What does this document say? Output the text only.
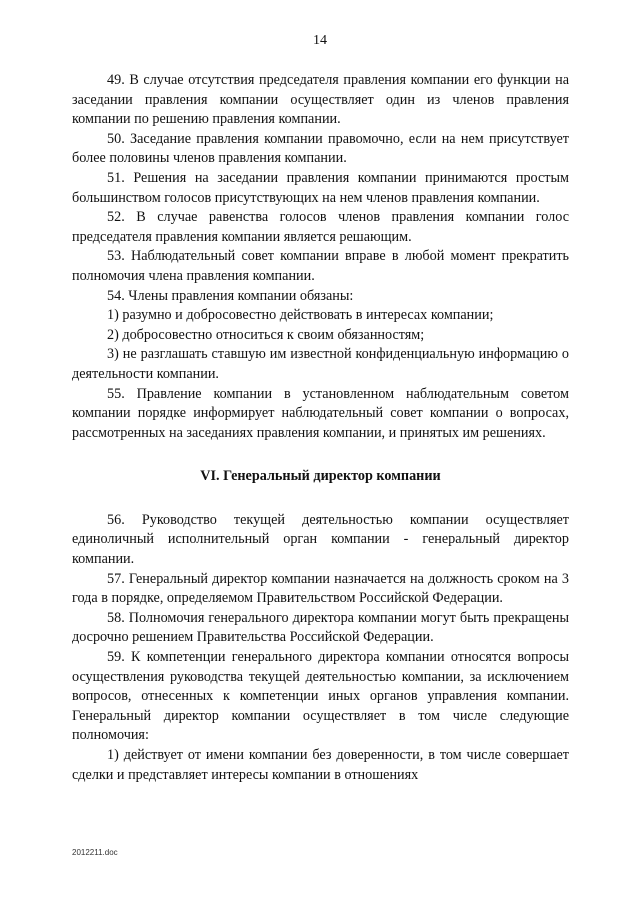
14

49. В случае отсутствия председателя правления компании его функции на заседании правления компании осуществляет один из членов правления компании по решению правления компании.

50. Заседание правления компании правомочно, если на нем присутствует более половины членов правления компании.

51. Решения на заседании правления компании принимаются простым большинством голосов присутствующих на нем членов правления компании.

52. В случае равенства голосов членов правления компании голос председателя правления компании является решающим.

53. Наблюдательный совет компании вправе в любой момент прекратить полномочия члена правления компании.

54. Члены правления компании обязаны:

1) разумно и добросовестно действовать в интересах компании;

2) добросовестно относиться к своим обязанностям;

3) не разглашать ставшую им известной конфиденциальную информацию о деятельности компании.

55. Правление компании в установленном наблюдательным советом компании порядке информирует наблюдательный совет компании о вопросах, рассмотренных на заседаниях правления компании, и принятых им решениях.

VI. Генеральный директор компании

56. Руководство текущей деятельностью компании осуществляет единоличный исполнительный орган компании - генеральный директор компании.

57. Генеральный директор компании назначается на должность сроком на 3 года в порядке, определяемом Правительством Российской Федерации.

58. Полномочия генерального директора компании могут быть прекращены досрочно решением Правительства Российской Федерации.

59. К компетенции генерального директора компании относятся вопросы осуществления руководства текущей деятельностью компании, за исключением вопросов, отнесенных к компетенции иных органов управления компании. Генеральный директор компании осуществляет в том числе следующие полномочия:

1) действует от имени компании без доверенности, в том числе совершает сделки и представляет интересы компании в отношениях

2012211.doc
